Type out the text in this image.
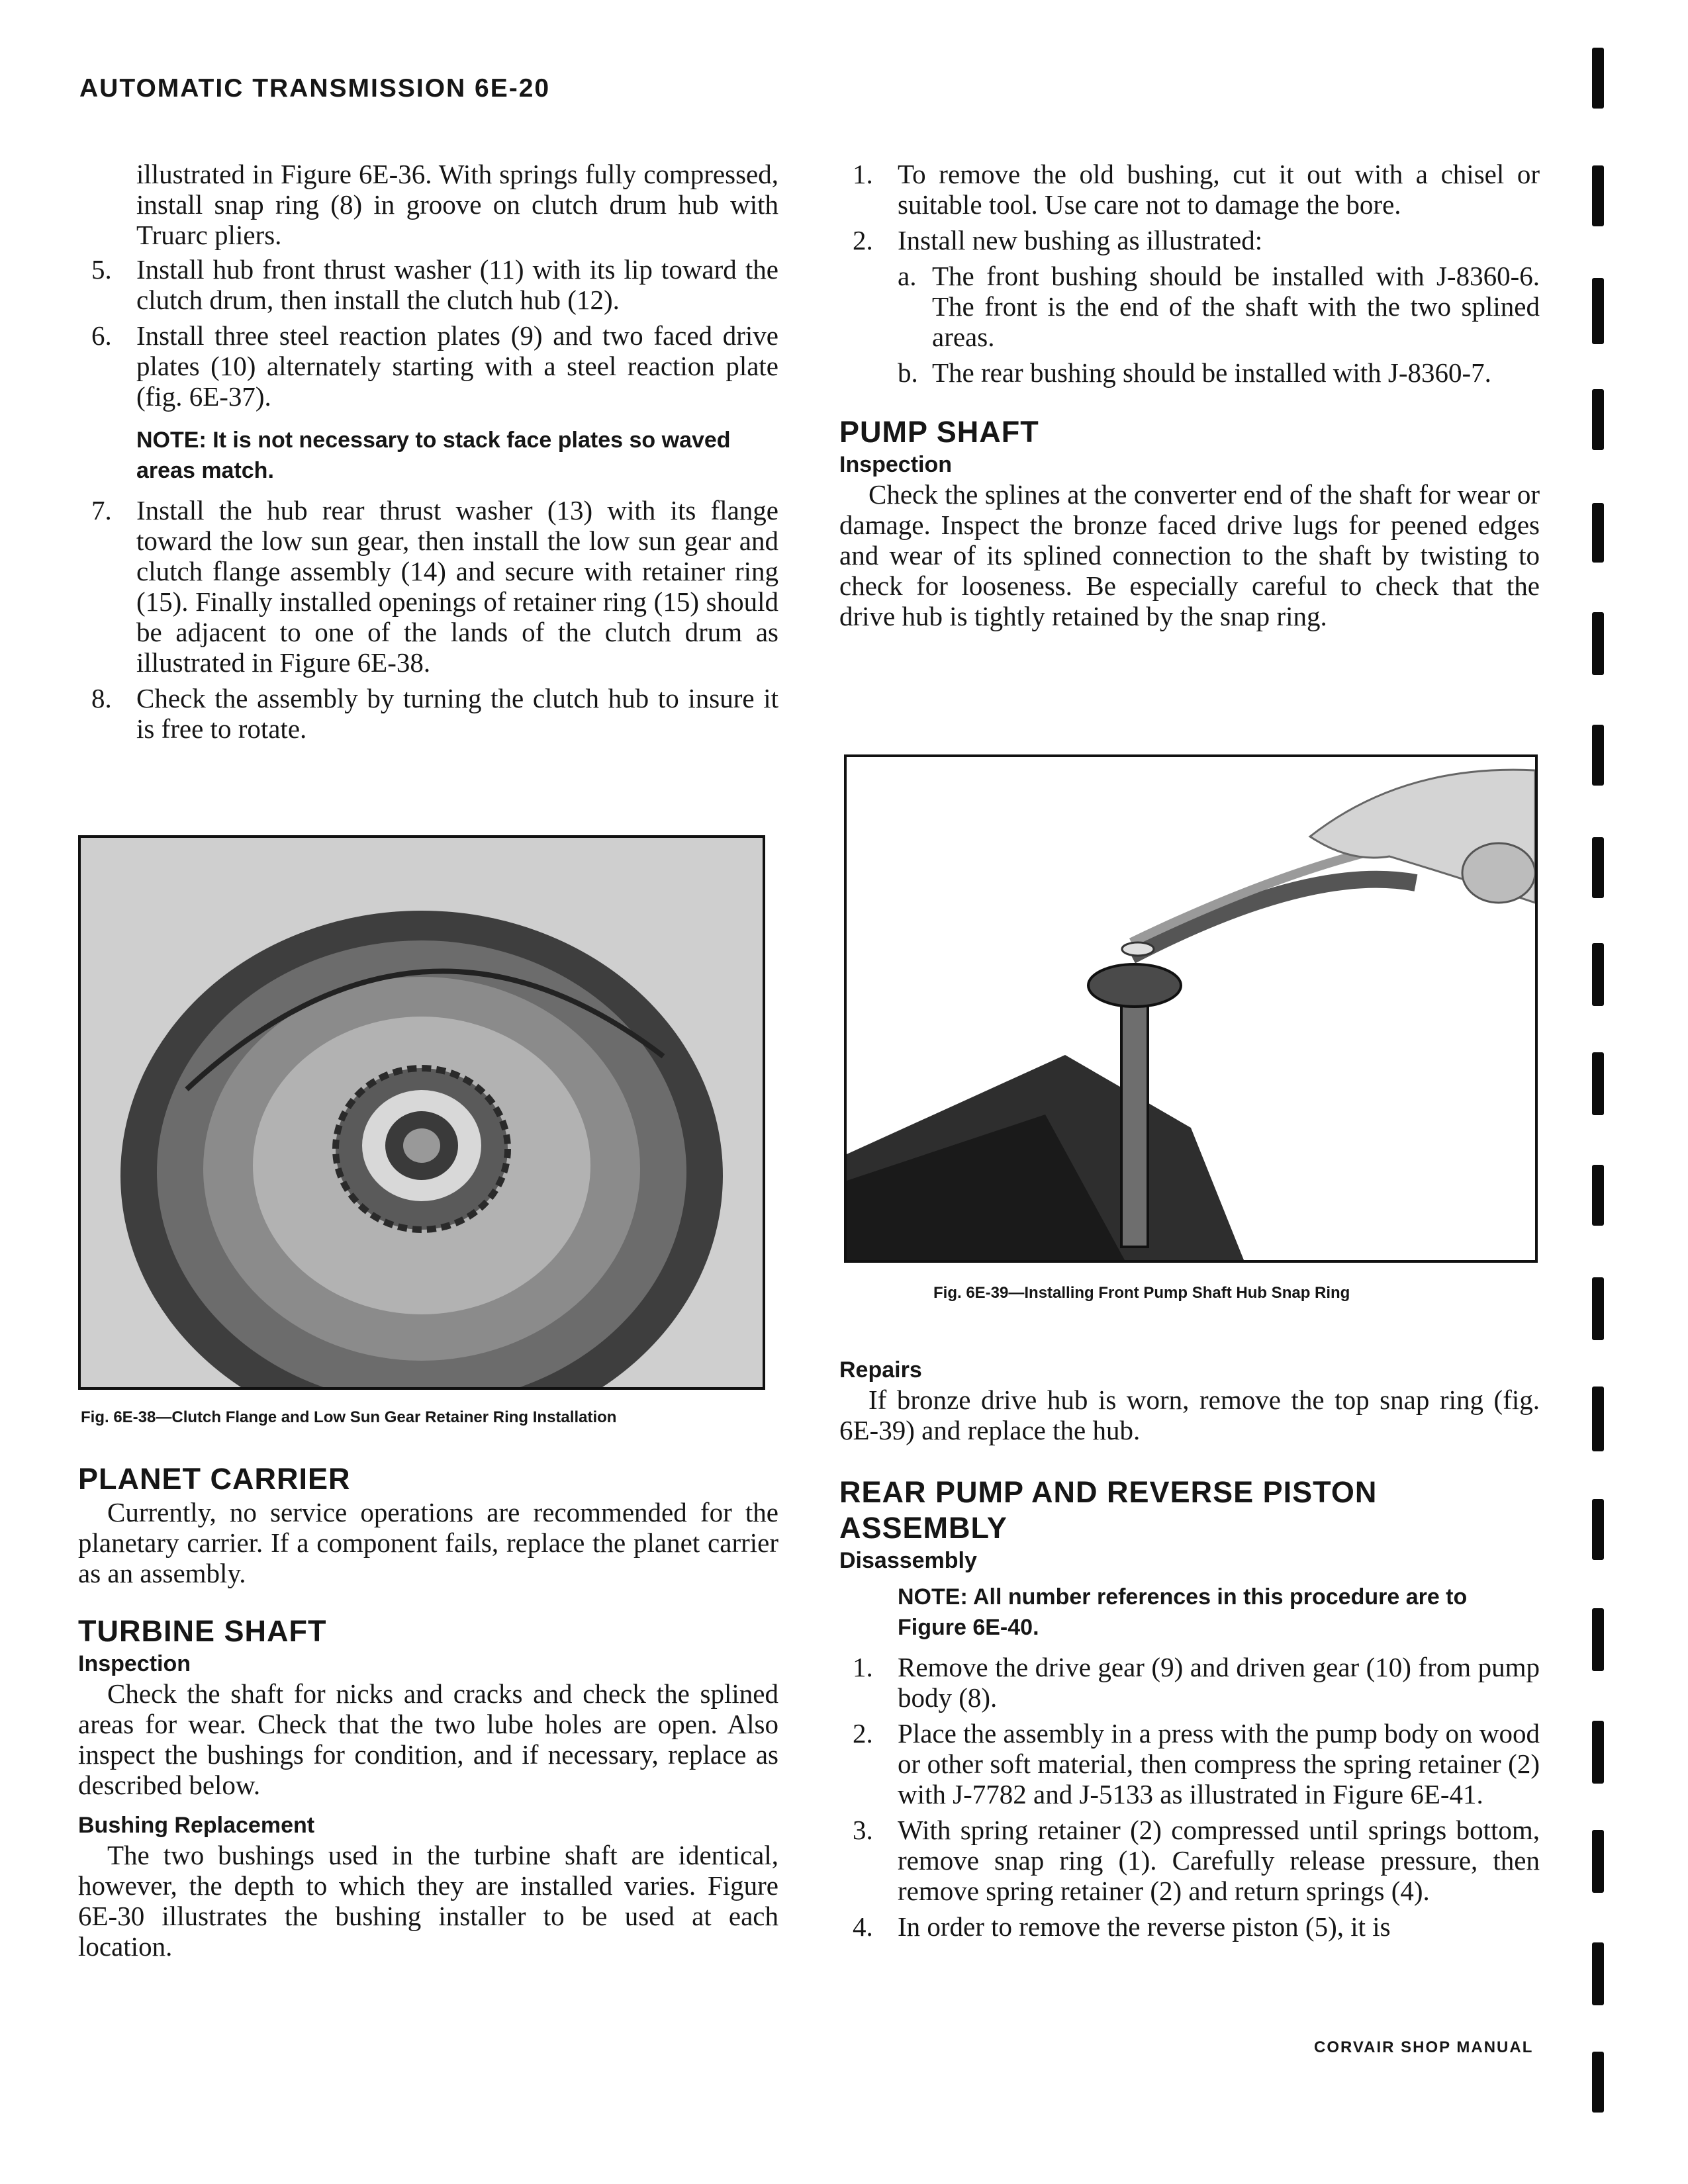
AUTOMATIC TRANSMISSION 6E-20

illustrated in Figure 6E-36. With springs fully compressed, install snap ring (8) in groove on clutch drum hub with Truarc pliers.

5. Install hub front thrust washer (11) with its lip toward the clutch drum, then install the clutch hub (12).
6. Install three steel reaction plates (9) and two faced drive plates (10) alternately starting with a steel reaction plate (fig. 6E-37).
NOTE: It is not necessary to stack face plates so waved areas match.
7. Install the hub rear thrust washer (13) with its flange toward the low sun gear, then install the low sun gear and clutch flange assembly (14) and secure with retainer ring (15). Finally installed openings of retainer ring (15) should be adjacent to one of the lands of the clutch drum as illustrated in Figure 6E-38.
8. Check the assembly by turning the clutch hub to insure it is free to rotate.
Fig. 6E-38—Clutch Flange and Low Sun Gear Retainer Ring Installation
PLANET CARRIER

Currently, no service operations are recommended for the planetary carrier. If a component fails, replace the planet carrier as an assembly.

TURBINE SHAFT
Inspection

Check the shaft for nicks and cracks and check the splined areas for wear. Check that the two lube holes are open. Also inspect the bushings for condition, and if necessary, replace as described below.

Bushing Replacement

The two bushings used in the turbine shaft are identical, however, the depth to which they are installed varies. Figure 6E-30 illustrates the bushing installer to be used at each location.

1. To remove the old bushing, cut it out with a chisel or suitable tool. Use care not to damage the bore.
2. Install new bushing as illustrated:
a. The front bushing should be installed with J-8360-6. The front is the end of the shaft with the two splined areas.
b. The rear bushing should be installed with J-8360-7.
PUMP SHAFT
Inspection

Check the splines at the converter end of the shaft for wear or damage. Inspect the bronze faced drive lugs for peened edges and wear of its splined connection to the shaft by twisting to check for looseness. Be especially careful to check that the drive hub is tightly retained by the snap ring.

Fig. 6E-39—Installing Front Pump Shaft Hub Snap Ring
Repairs

If bronze drive hub is worn, remove the top snap ring (fig. 6E-39) and replace the hub.

REAR PUMP AND REVERSE PISTON ASSEMBLY
Disassembly
NOTE: All number references in this procedure are to Figure 6E-40.
1. Remove the drive gear (9) and driven gear (10) from pump body (8).
2. Place the assembly in a press with the pump body on wood or other soft material, then compress the spring retainer (2) with J-7782 and J-5133 as illustrated in Figure 6E-41.
3. With spring retainer (2) compressed until springs bottom, remove snap ring (1). Carefully release pressure, then remove spring retainer (2) and return springs (4).
4. In order to remove the reverse piston (5), it is
CORVAIR SHOP MANUAL
